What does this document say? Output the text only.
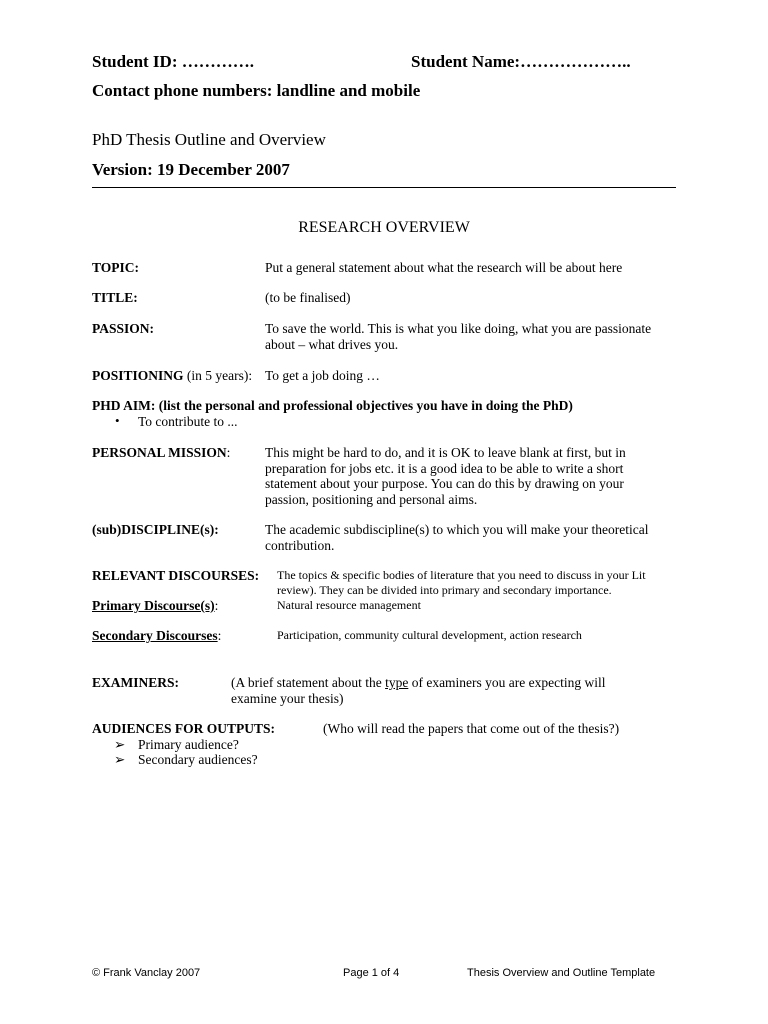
Student ID: ………….	Student Name:………………..
Contact phone numbers: landline and mobile
PhD Thesis Outline and Overview
Version: 19 December 2007
RESEARCH OVERVIEW
TOPIC:	Put a general statement about what the research will be about here
TITLE:	(to be finalised)
PASSION:	To save the world. This is what you like doing, what you are passionate about – what drives you.
POSITIONING (in 5 years): To get a job doing …
PHD AIM: (list the personal and professional objectives you have in doing the PhD)
• To contribute to ...
PERSONAL MISSION:	This might be hard to do, and it is OK to leave blank at first, but in preparation for jobs etc. it is a good idea to be able to write a short statement about your purpose. You can do this by drawing on your passion, positioning and personal aims.
(sub)DISCIPLINE(s):	The academic subdiscipline(s) to which you will make your theoretical contribution.
RELEVANT DISCOURSES: The topics & specific bodies of literature that you need to discuss in your Lit review). They can be divided into primary and secondary importance.
Primary Discourse(s):	Natural resource management
Secondary Discourses:	Participation, community cultural development, action research
EXAMINERS:	(A brief statement about the type of examiners you are expecting will examine your thesis)
AUDIENCES FOR OUTPUTS:	(Who will read the papers that come out of the thesis?)
➢ Primary audience?
➢ Secondary audiences?
© Frank Vanclay 2007	Page 1 of 4	Thesis Overview and Outline Template
